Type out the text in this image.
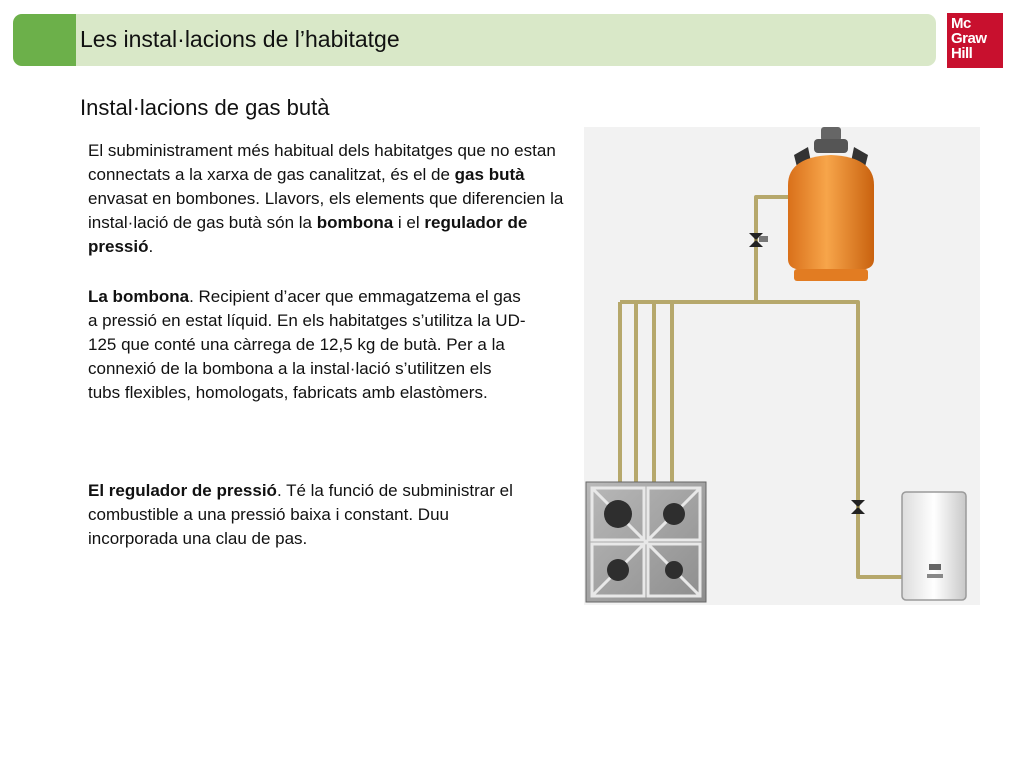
Les instal·lacions de l’habitatge
Mc
Graw
Hill
Instal·lacions de gas butà
El subministrament més habitual dels habitatges que no estan connectats a la xarxa de gas canalitzat, és el de gas butà envasat en bombones. Llavors, els elements que diferencien la instal·lació de gas butà són la bombona i el regulador de pressió.
La bombona. Recipient d’acer que emmagatzema el gas a pressió en estat líquid. En els habitatges s’utilitza la UD-125 que conté una càrrega de 12,5 kg de butà. Per a la connexió de la bombona a la instal·lació s’utilitzen els tubs flexibles, homologats, fabricats amb elastòmers.
El regulador de pressió. Té la funció de subministrar el combustible a una pressió baixa i constant. Duu incorporada una clau de pas.
